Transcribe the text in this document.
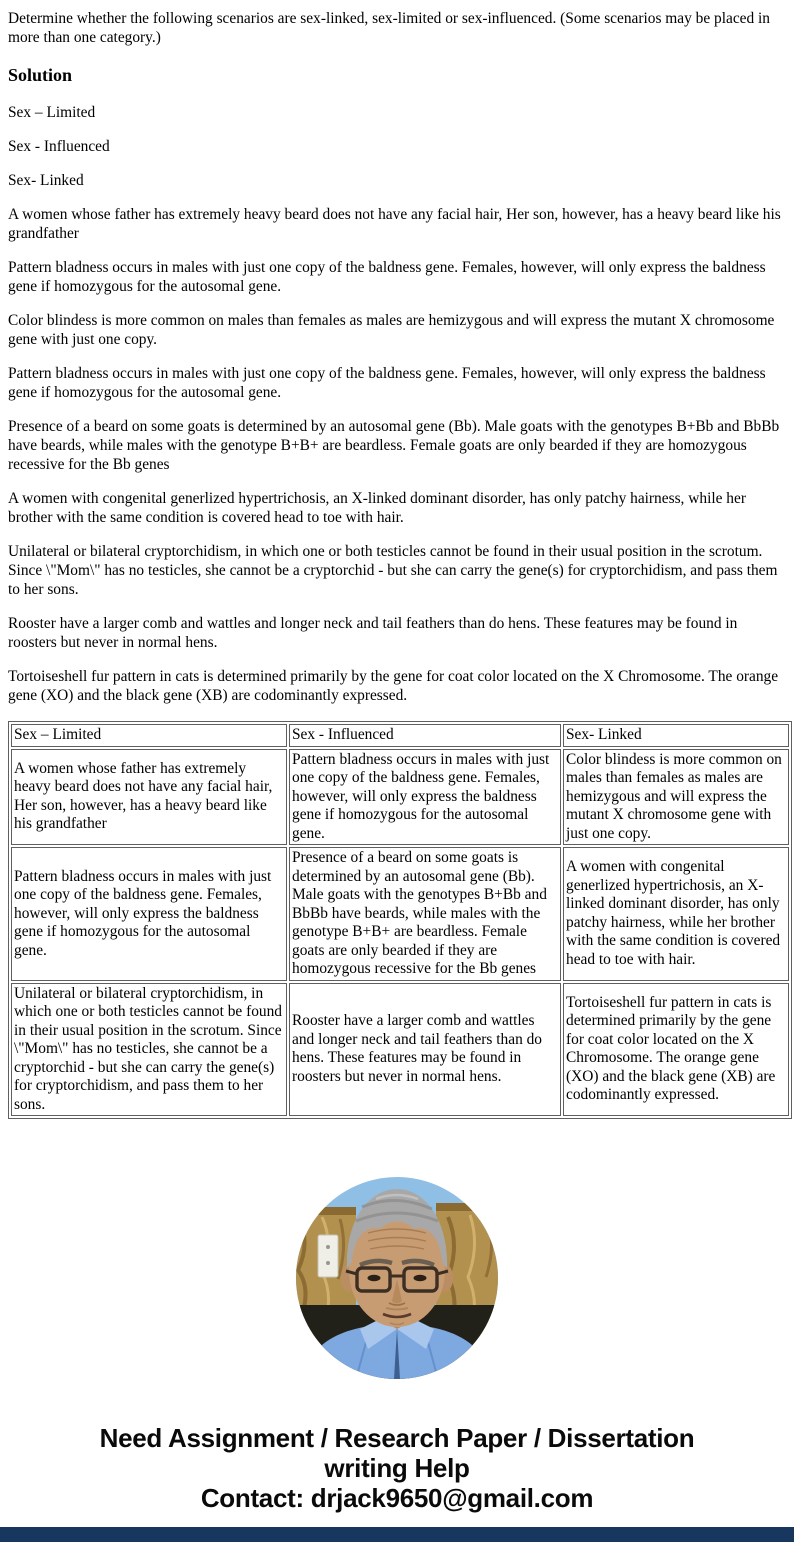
Determine whether the following scenarios are sex-linked, sex-limited or sex-influenced. (Some scenarios may be placed in more than one category.)

Solution

Sex – Limited

Sex - Influenced

Sex- Linked

A women whose father has extremely heavy beard does not have any facial hair, Her son, however, has a heavy beard like his grandfather

Pattern bladness occurs in males with just one copy of the baldness gene. Females, however, will only express the baldness gene if homozygous for the autosomal gene.

Color blindess is more common on males than females as males are hemizygous and will express the mutant X chromosome gene with just one copy.

Pattern bladness occurs in males with just one copy of the baldness gene. Females, however, will only express the baldness gene if homozygous for the autosomal gene.

Presence of a beard on some goats is determined by an autosomal gene (Bb). Male goats with the genotypes B+Bb and BbBb have beards, while males with the genotype B+B+ are beardless. Female goats are only bearded if they are homozygous recessive for the Bb genes

A women with congenital generlized hypertrichosis, an X-linked dominant disorder, has only patchy hairness, while her brother with the same condition is covered head to toe with hair.

Unilateral or bilateral cryptorchidism, in which one or both testicles cannot be found in their usual position in the scrotum. Since \"Mom\" has no testicles, she cannot be a cryptorchid - but she can carry the gene(s) for cryptorchidism, and pass them to her sons.

Rooster have a larger comb and wattles and longer neck and tail feathers than do hens. These features may be found in roosters but never in normal hens.

Tortoiseshell fur pattern in cats is determined primarily by the gene for coat color located on the X Chromosome. The orange gene (XO) and the black gene (XB) are codominantly expressed.

Sex – Limited	Sex - Influenced	Sex- Linked
A women whose father has extremely heavy beard does not have any facial hair, Her son, however, has a heavy beard like his grandfather	Pattern bladness occurs in males with just one copy of the baldness gene. Females, however, will only express the baldness gene if homozygous for the autosomal gene.	Color blindess is more common on males than females as males are hemizygous and will express the mutant X chromosome gene with just one copy.
Pattern bladness occurs in males with just one copy of the baldness gene. Females, however, will only express the baldness gene if homozygous for the autosomal gene.	Presence of a beard on some goats is determined by an autosomal gene (Bb). Male goats with the genotypes B+Bb and BbBb have beards, while males with the genotype B+B+ are beardless. Female goats are only bearded if they are homozygous recessive for the Bb genes	A women with congenital generlized hypertrichosis, an X-linked dominant disorder, has only patchy hairness, while her brother with the same condition is covered head to toe with hair.
Unilateral or bilateral cryptorchidism, in which one or both testicles cannot be found in their usual position in the scrotum. Since \"Mom\" has no testicles, she cannot be a cryptorchid - but she can carry the gene(s) for cryptorchidism, and pass them to her sons.	Rooster have a larger comb and wattles and longer neck and tail feathers than do hens. These features may be found in roosters but never in normal hens.	Tortoiseshell fur pattern in cats is determined primarily by the gene for coat color located on the X Chromosome. The orange gene (XO) and the black gene (XB) are codominantly expressed.
Need Assignment / Research Paper / Dissertation
writing Help
Contact: drjack9650@gmail.com
